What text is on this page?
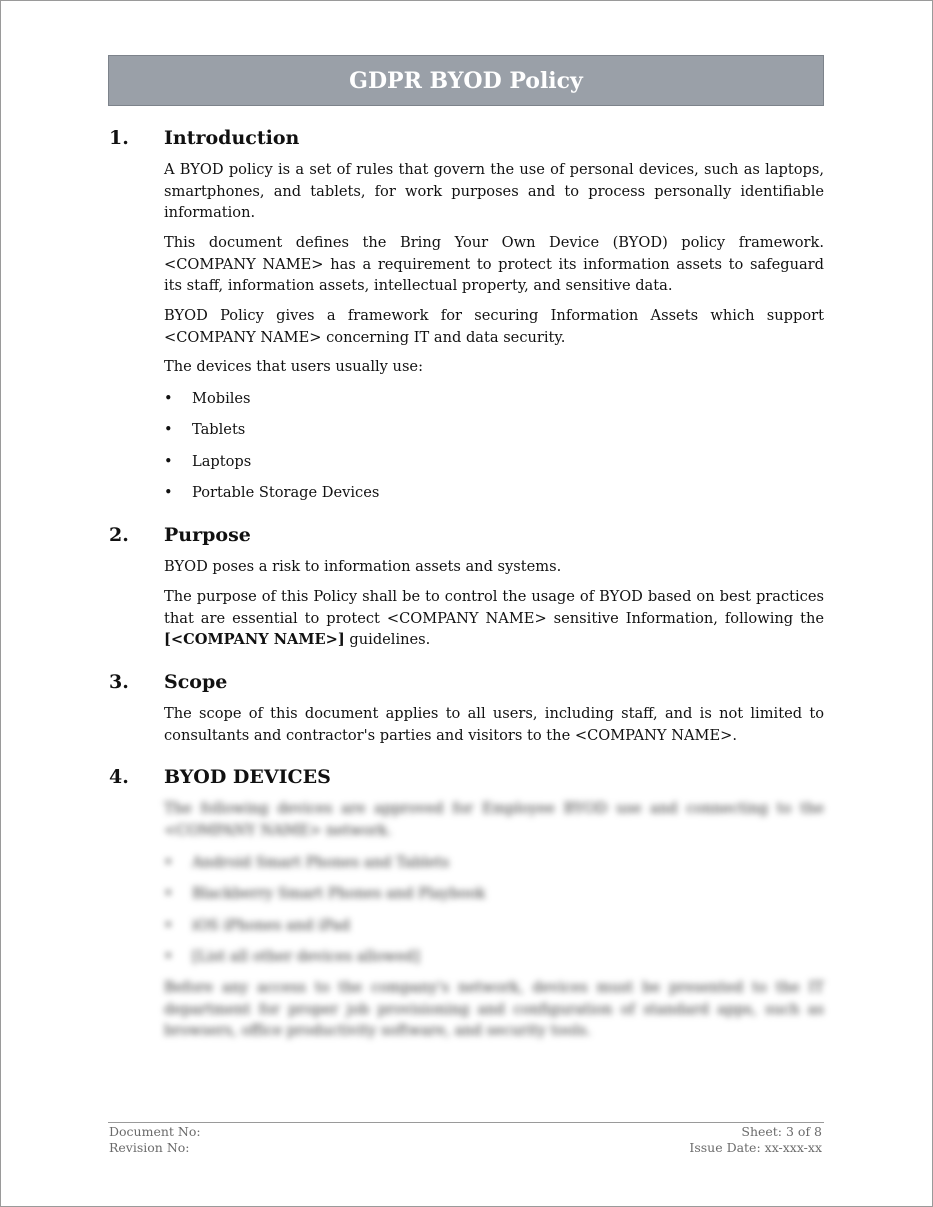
GDPR BYOD Policy
1.	Introduction

A BYOD policy is a set of rules that govern the use of personal devices, such as laptops, smartphones, and tablets, for work purposes and to process personally identifiable information.

This document defines the Bring Your Own Device (BYOD) policy framework. <COMPANY NAME> has a requirement to protect its information assets to safeguard its staff, information assets, intellectual property, and sensitive data.

BYOD Policy gives a framework for securing Information Assets which support <COMPANY NAME> concerning IT and data security.

The devices that users usually use:

• Mobiles
• Tablets
• Laptops
• Portable Storage Devices
2.	Purpose

BYOD poses a risk to information assets and systems.

The purpose of this Policy shall be to control the usage of BYOD based on best practices that are essential to protect <COMPANY NAME> sensitive Information, following the [<COMPANY NAME>] guidelines.

3.	Scope

The scope of this document applies to all users, including staff, and is not limited to consultants and contractor's parties and visitors to the <COMPANY NAME>.

4.	BYOD DEVICES

The following devices are approved for Employee BYOD use and connecting to the <COMPANY NAME> network.

• Android Smart Phones and Tablets
• Blackberry Smart Phones and Playbook
• iOS iPhones and iPad
• [List all other devices allowed]

Before any access to the company's network, devices must be presented to the IT department for proper job provisioning and configuration of standard apps, such as browsers, office productivity software, and security tools.

Document No:
Revision No:
Sheet: 3 of 8
Issue Date: xx-xxx-xx
